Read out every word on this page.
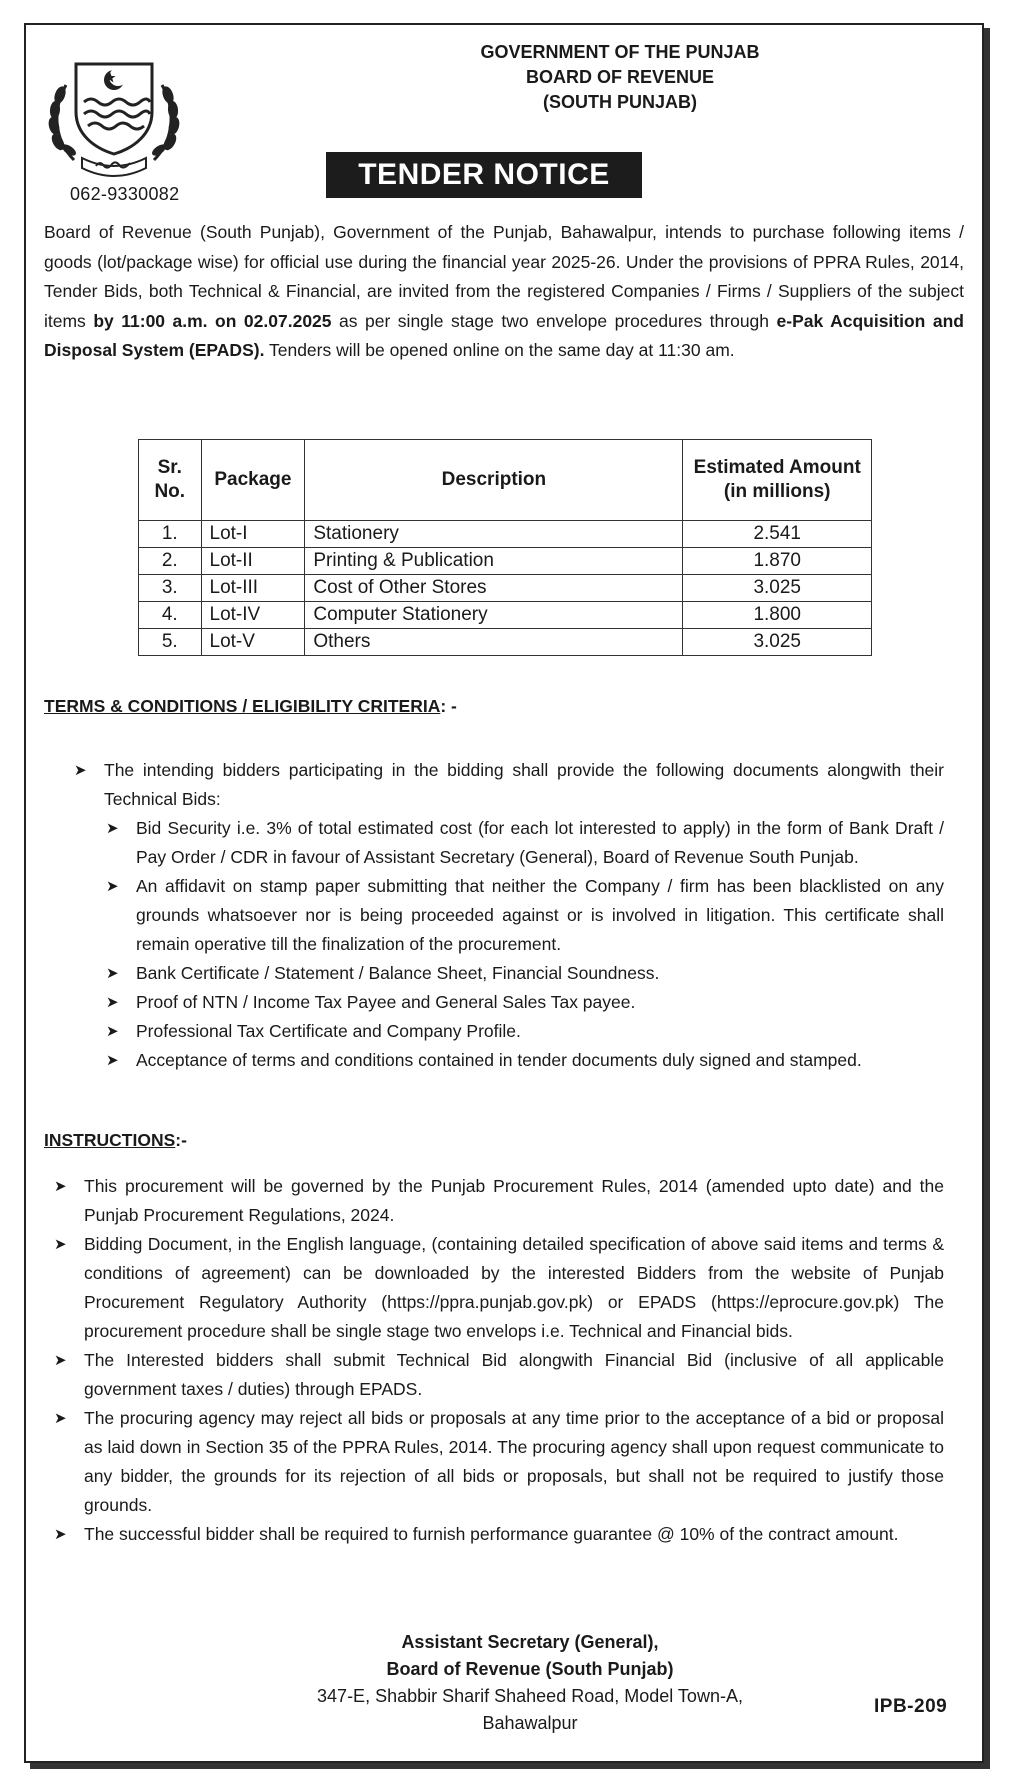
062-9330082
GOVERNMENT OF THE PUNJAB
BOARD OF REVENUE
(SOUTH PUNJAB)
TENDER NOTICE
Board of Revenue (South Punjab), Government of the Punjab, Bahawalpur, intends to purchase following items / goods (lot/package wise) for official use during the financial year 2025-26. Under the provisions of PPRA Rules, 2014, Tender Bids, both Technical & Financial, are invited from the registered Companies / Firms / Suppliers of the subject items by 11:00 a.m. on 02.07.2025 as per single stage two envelope procedures through e-Pak Acquisition and Disposal System (EPADS). Tenders will be opened online on the same day at 11:30 am.
Sr. No.	Package	Description	Estimated Amount (in millions)
1.	Lot-I	Stationery	2.541
2.	Lot-II	Printing & Publication	1.870
3.	Lot-III	Cost of Other Stores	3.025
4.	Lot-IV	Computer Stationery	1.800
5.	Lot-V	Others	3.025
TERMS & CONDITIONS / ELIGIBILITY CRITERIA: -
➤ The intending bidders participating in the bidding shall provide the following documents alongwith their Technical Bids:
➤ Bid Security i.e. 3% of total estimated cost (for each lot interested to apply) in the form of Bank Draft / Pay Order / CDR in favour of Assistant Secretary (General), Board of Revenue South Punjab.
➤ An affidavit on stamp paper submitting that neither the Company / firm has been blacklisted on any grounds whatsoever nor is being proceeded against or is involved in litigation. This certificate shall remain operative till the finalization of the procurement.
➤ Bank Certificate / Statement / Balance Sheet, Financial Soundness.
➤ Proof of NTN / Income Tax Payee and General Sales Tax payee.
➤ Professional Tax Certificate and Company Profile.
➤ Acceptance of terms and conditions contained in tender documents duly signed and stamped.
INSTRUCTIONS:-
➤ This procurement will be governed by the Punjab Procurement Rules, 2014 (amended upto date) and the Punjab Procurement Regulations, 2024.
➤ Bidding Document, in the English language, (containing detailed specification of above said items and terms & conditions of agreement) can be downloaded by the interested Bidders from the website of Punjab Procurement Regulatory Authority (https://ppra.punjab.gov.pk) or EPADS (https://eprocure.gov.pk) The procurement procedure shall be single stage two envelops i.e. Technical and Financial bids.
➤ The Interested bidders shall submit Technical Bid alongwith Financial Bid (inclusive of all applicable government taxes / duties) through EPADS.
➤ The procuring agency may reject all bids or proposals at any time prior to the acceptance of a bid or proposal as laid down in Section 35 of the PPRA Rules, 2014. The procuring agency shall upon request communicate to any bidder, the grounds for its rejection of all bids or proposals, but shall not be required to justify those grounds.
➤ The successful bidder shall be required to furnish performance guarantee @ 10% of the contract amount.
Assistant Secretary (General),
Board of Revenue (South Punjab)
347-E, Shabbir Sharif Shaheed Road, Model Town-A,
Bahawalpur
IPB-209
